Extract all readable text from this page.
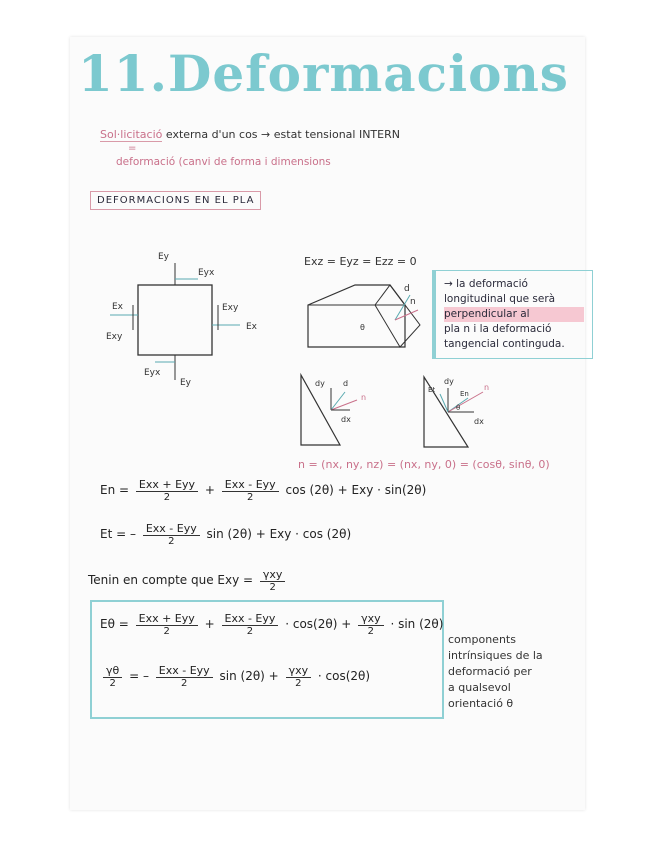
11.Deformacions
Sol·licitació externa d'un cos → estat tensional INTERN
=
deformació (canvi de forma i dimensions
DEFORMACIONS EN EL PLA
Ey
Eyx
Ex
Exy
Exy
Ex
Eyx
Ey
Exz = Eyz = Ezz = 0
d
n
θ
→ la deformació
longitudinal que serà
perpendicular al
pla n i la deformació
tangencial continguda.
dy d
n
dx
dy
Et	En
n
θ
dx
n = (nx, ny, nz) = (nx, ny, 0) = (cosθ, sinθ, 0)
$En = \frac{\text{Exx + Eyy}}{2} + \frac{\text{Exx - Eyy}}{2}$ cos (2θ) + Exy · sin(2θ)
Et = – $\frac{\text{Exx - Eyy}}{2}$ sin (2θ) + Exy · cos (2θ)
Tenin en compte que Exy = $\frac{\text{γxy}}{2}$
$E\theta = \frac{\text{Exx + Eyy}}{2} + \frac{\text{Exx - Eyy}}{2} \cdot \cos(2\theta) + \frac{\text{γxy}}{2} \cdot \sin (2\theta)$
$\frac{\gamma\theta}{2}$ = – $\frac{\text{Exx - Eyy}}{2}$ $\sin (2\theta) + \frac{\text{γxy}}{2} \cdot \cos(2\theta)$
components
intrínsiques de la
deformació per
a qualsevol
orientació θ
